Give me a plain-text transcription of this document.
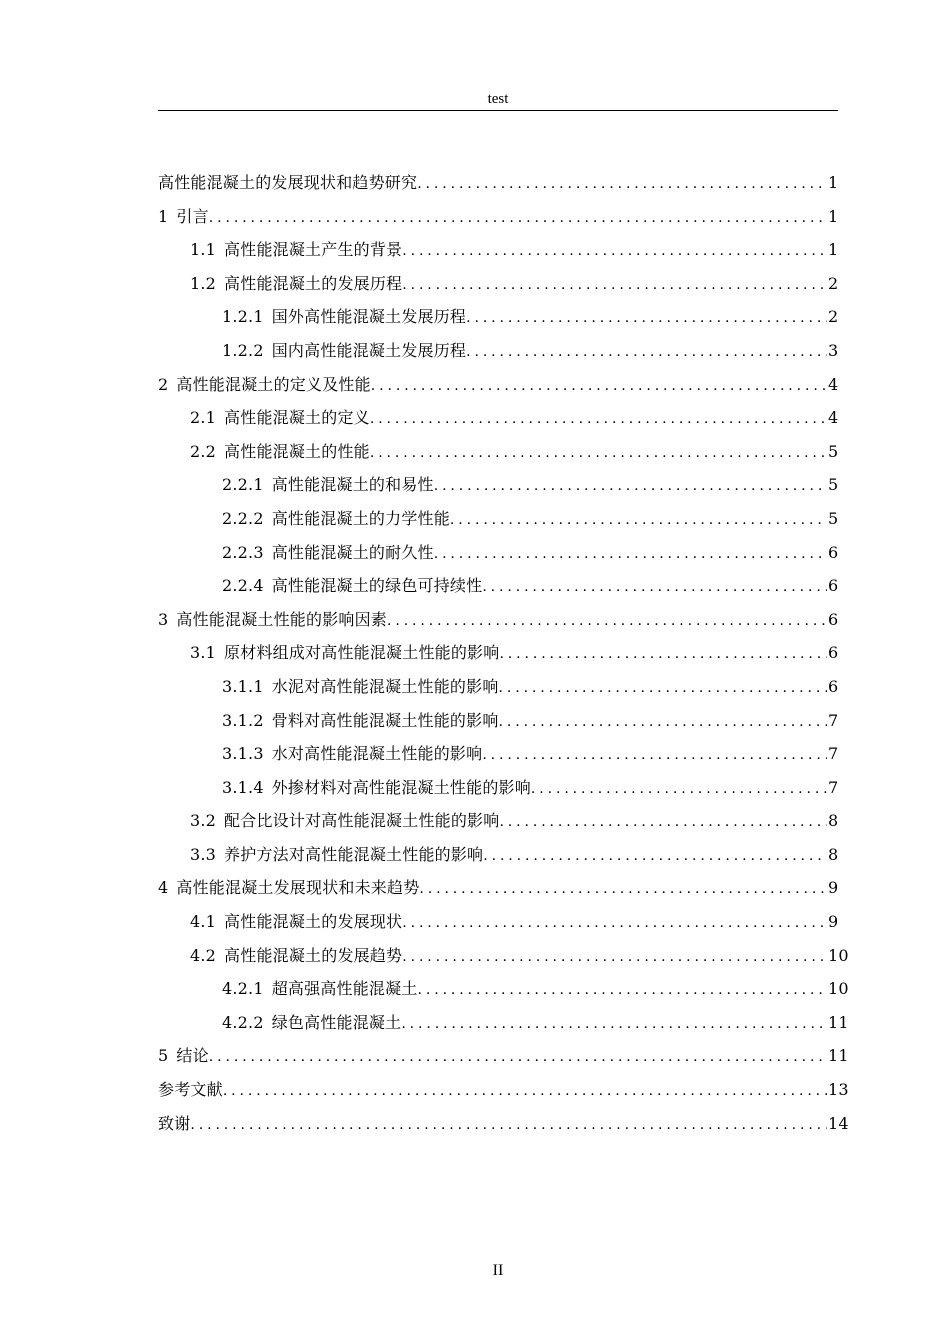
test
高性能混凝土的发展现状和趋势研究 .....	1
1 引言 .....	1
1.1 高性能混凝土产生的背景 .....	1
1.2 高性能混凝土的发展历程 .....	2
1.2.1 国外高性能混凝土发展历程 .....	2
1.2.2 国内高性能混凝土发展历程 .....	3
2 高性能混凝土的定义及性能 .....	4
2.1 高性能混凝土的定义 .....	4
2.2 高性能混凝土的性能 .....	5
2.2.1 高性能混凝土的和易性 .....	5
2.2.2 高性能混凝土的力学性能 .....	5
2.2.3 高性能混凝土的耐久性 .....	6
2.2.4 高性能混凝土的绿色可持续性 .....	6
3 高性能混凝土性能的影响因素 .....	6
3.1 原材料组成对高性能混凝土性能的影响 .....	6
3.1.1 水泥对高性能混凝土性能的影响 .....	6
3.1.2 骨料对高性能混凝土性能的影响 .....	7
3.1.3 水对高性能混凝土性能的影响 .....	7
3.1.4 外掺材料对高性能混凝土性能的影响 .....	7
3.2 配合比设计对高性能混凝土性能的影响 .....	8
3.3 养护方法对高性能混凝土性能的影响 .....	8
4 高性能混凝土发展现状和未来趋势 .....	9
4.1 高性能混凝土的发展现状 .....	9
4.2 高性能混凝土的发展趋势 .....	10
4.2.1 超高强高性能混凝土 .....	10
4.2.2 绿色高性能混凝土 .....	11
5 结论 .....	11
参考文献 .....	13
致谢 .....	14
II
